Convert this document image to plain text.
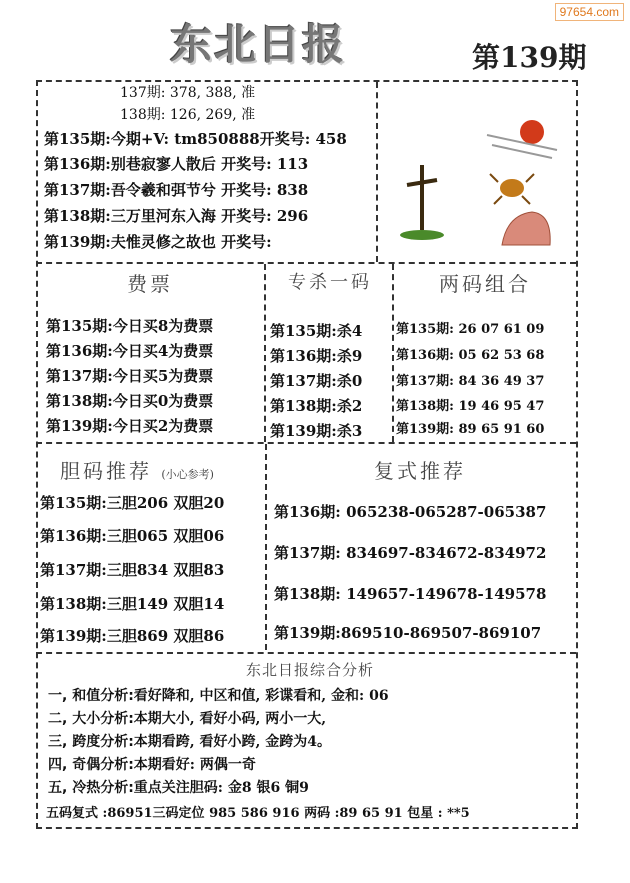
97654.com
东北日报	第139期
137期: 378, 388, 准
138期: 126, 269, 准
第135期:今期+V: tm850888开奖号: 458
第136期:别巷寂寥人散后 开奖号: 113
第137期:吾令羲和弭节兮 开奖号: 838
第138期:三万里河东入海 开奖号: 296
第139期:夫惟灵修之故也 开奖号:
费票
第135期:今日买8为费票
第136期:今日买4为费票
第137期:今日买5为费票
第138期:今日买0为费票
第139期:今日买2为费票
专杀一码
第135期:杀4
第136期:杀9
第137期:杀0
第138期:杀2
第139期:杀3
两码组合
第135期: 26 07 61 09
第136期: 05 62 53 68
第137期: 84 36 49 37
第138期: 19 46 95 47
第139期: 89 65 91 60
胆码推荐 (小心参考)
第135期:三胆206 双胆20
第136期:三胆065 双胆06
第137期:三胆834 双胆83
第138期:三胆149 双胆14
第139期:三胆869 双胆86
复式推荐
第136期: 065238-065287-065387
第137期: 834697-834672-834972
第138期: 149657-149678-149578
第139期:869510-869507-869107
东北日报综合分析
一, 和值分析:看好降和, 中区和值, 彩谍看和, 金和: 06
二, 大小分析:本期大小, 看好小码, 两小一大,
三, 跨度分析:本期看跨, 看好小跨, 金跨为4。
四, 奇偶分析:本期看好: 两偶一奇
五, 冷热分析:重点关注胆码: 金8 银6 铜9
五码复式 :86951三码定位 985 586 916 两码 :89 65 91 包星 : **5
